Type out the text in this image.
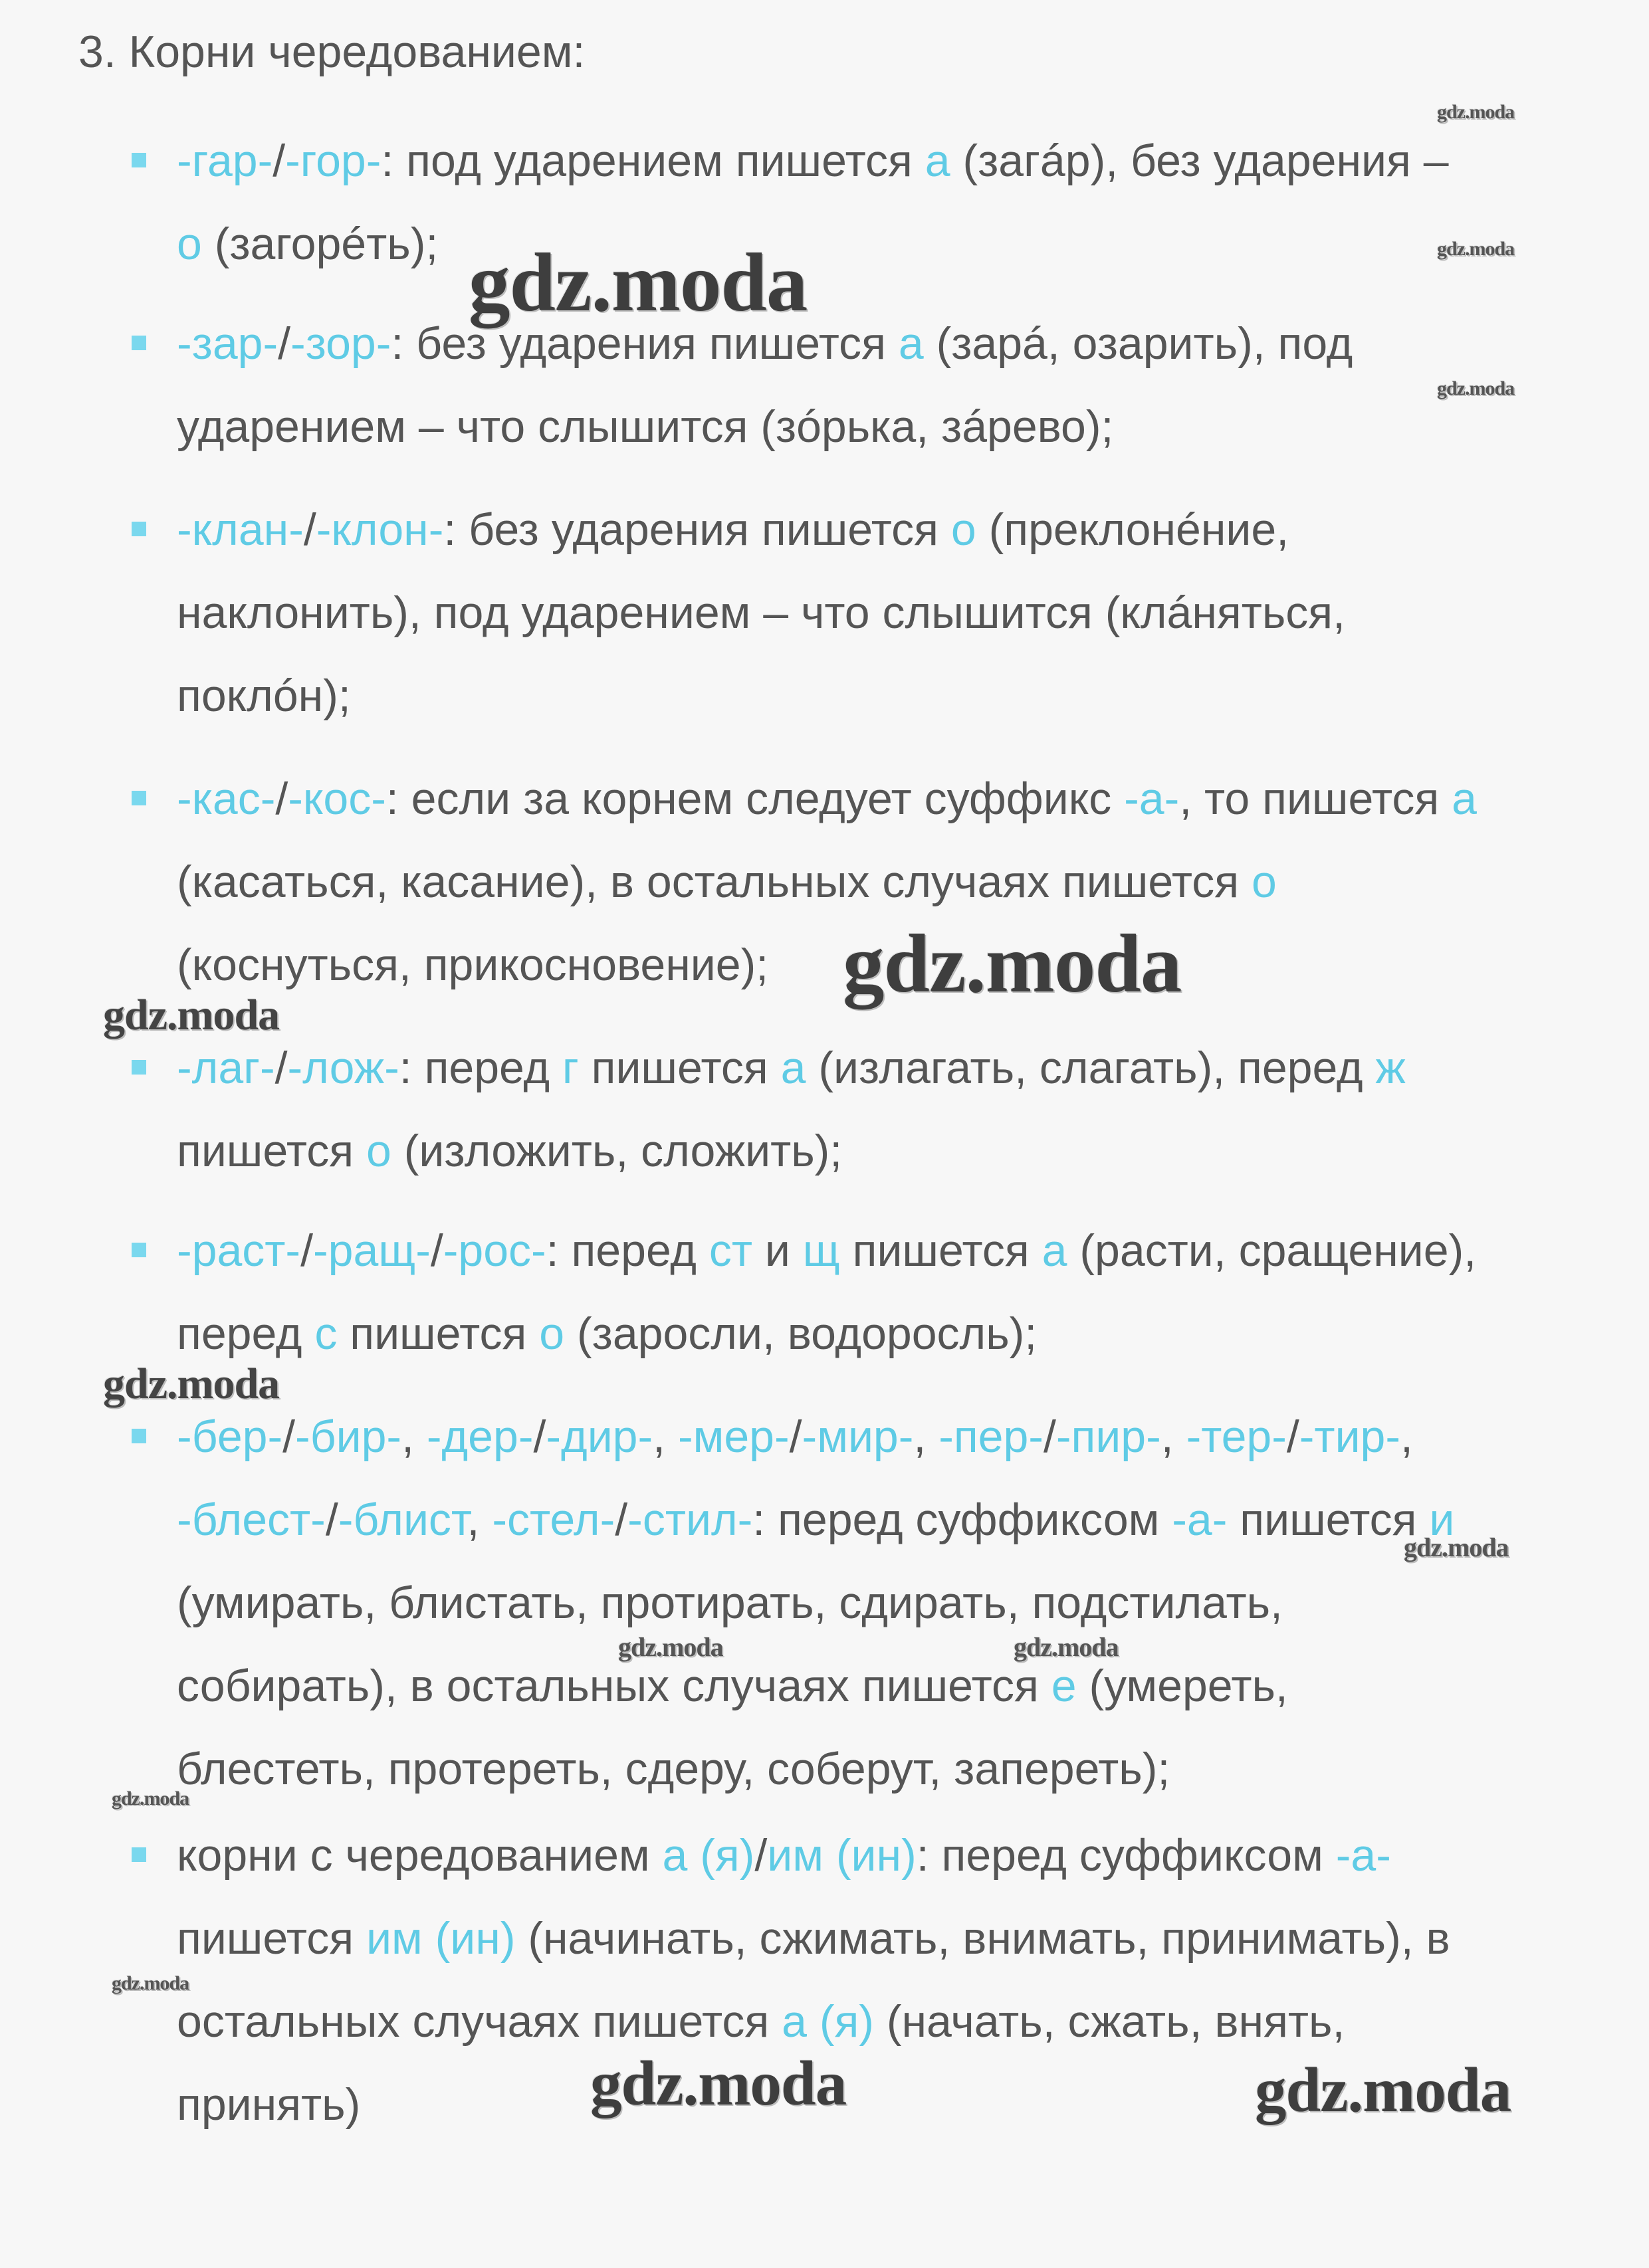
3. Корни чередованием:
-гар-/-гор-: под ударением пишется а (загáр), без ударения –
о (загорéть);
-зар-/-зор-: без ударения пишется а (зарá, озарить), под
ударением – что слышится (зóрька, зáрево);
-клан-/-клон-: без ударения пишется о (преклонéние,
наклонить), под ударением – что слышится (клáняться,
поклóн);
-кас-/-кос-: если за корнем следует суффикс -а-, то пишется а
(касаться, касание), в остальных случаях пишется о
(коснуться, прикосновение);
-лаг-/-лож-: перед г пишется а (излагать, слагать), перед ж
пишется о (изложить, сложить);
-раст-/-ращ-/-рос-: перед ст и щ пишется а (расти, сращение),
перед с пишется о (заросли, водоросль);
-бер-/-бир-, -дер-/-дир-, -мер-/-мир-, -пер-/-пир-, -тер-/-тир-,
-блест-/-блист, -стел-/-стил-: перед суффиксом -а- пишется и
(умирать, блистать, протирать, сдирать, подстилать,
собирать), в остальных случаях пишется е (умереть,
блестеть, протереть, сдеру, соберут, запереть);
корни с чередованием а (я)/им (ин): перед суффиксом -а-
пишется им (ин) (начинать, сжимать, внимать, принимать), в
остальных случаях пишется а (я) (начать, сжать, внять,
принять)
gdz.moda
gdz.moda
gdz.moda
gdz.moda
gdz.moda
gdz.moda
gdz.moda
gdz.moda
gdz.moda	gdz.moda
gdz.moda
gdz.moda
gdz.moda	gdz.moda
